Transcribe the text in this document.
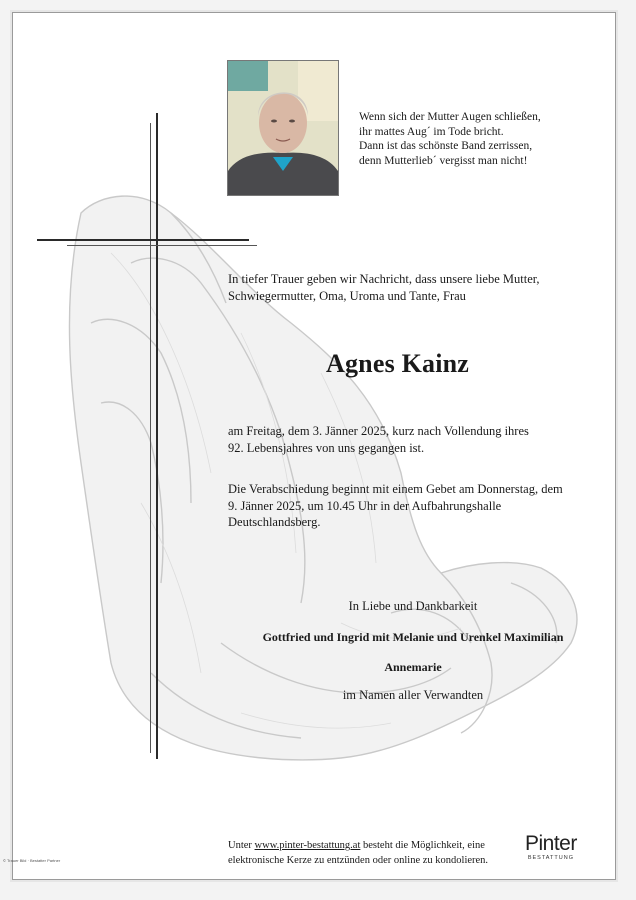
Wenn sich der Mutter Augen schließen,
ihr mattes Aug´ im Tode bricht.
Dann ist das schönste Band zerrissen,
denn Mutterlieb´ vergisst man nicht!
In tiefer Trauer geben wir Nachricht, dass unsere liebe Mutter,
Schwiegermutter, Oma, Uroma und Tante, Frau
Agnes Kainz
am Freitag, dem 3. Jänner 2025, kurz nach Vollendung ihres
92. Lebensjahres von uns gegangen ist.
Die Verabschiedung beginnt mit einem Gebet am Donnerstag, dem
9. Jänner 2025, um 10.45 Uhr in der Aufbahrungshalle
Deutschlandsberg.
In Liebe und Dankbarkeit
Gottfried und Ingrid mit Melanie und Urenkel Maximilian
Annemarie
im Namen aller Verwandten
Unter www.pinter-bestattung.at besteht die Möglichkeit, eine
elektronische Kerze zu entzünden oder online zu kondolieren.
Pinter
BESTATTUNG
© Trauer Bild · Bestatter Partner
